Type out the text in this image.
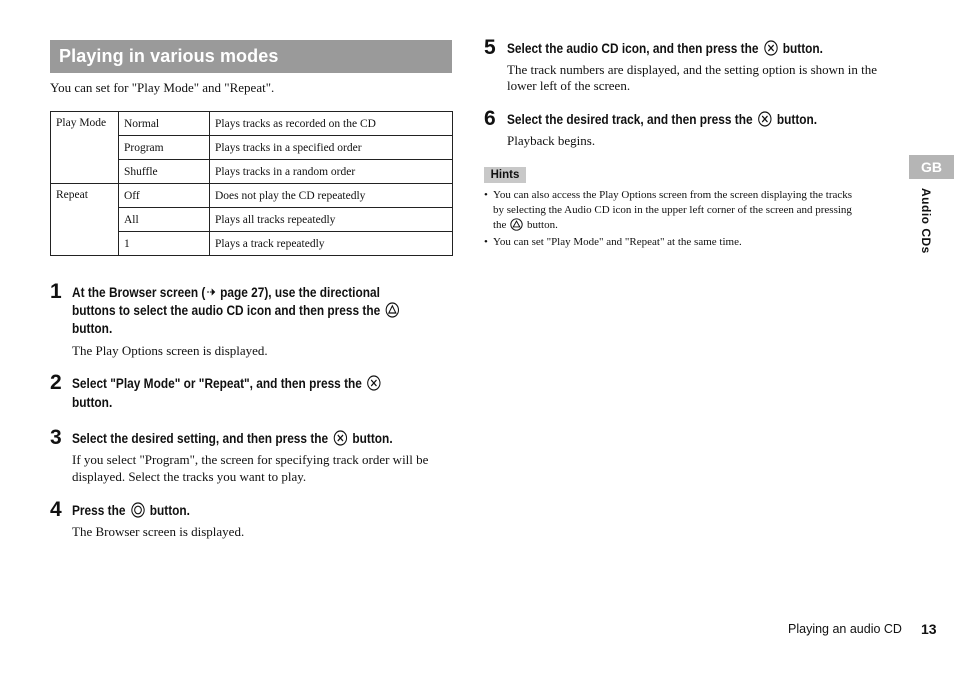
Playing in various modes
You can set for "Play Mode" and "Repeat".
Play Mode	Normal	Plays tracks as recorded on the CD
	Program	Plays tracks in a specified order
	Shuffle	Plays tracks in a random order
Repeat	Off	Does not play the CD repeatedly
	All	Plays all tracks repeatedly
	1	Plays a track repeatedly
1 At the Browser screen ( page 27), use the directional
buttons to select the audio CD icon and then press the
button.
The Play Options screen is displayed.
2 Select "Play Mode" or "Repeat", and then press the
button.
3 Select the desired setting, and then press the button.
If you select "Program", the screen for specifying track order will be
displayed. Select the tracks you want to play.
4 Press the button.
The Browser screen is displayed.
5 Select the audio CD icon, and then press the button.
The track numbers are displayed, and the setting option is shown in the
lower left of the screen.
6 Select the desired track, and then press the button.
Playback begins.
Hints
• You can also access the Play Options screen from the screen displaying the tracks
by selecting the Audio CD icon in the upper left corner of the screen and pressing
the button.
• You can set "Play Mode" and "Repeat" at the same time.
GB
Audio CDs
Playing an audio CD 13
